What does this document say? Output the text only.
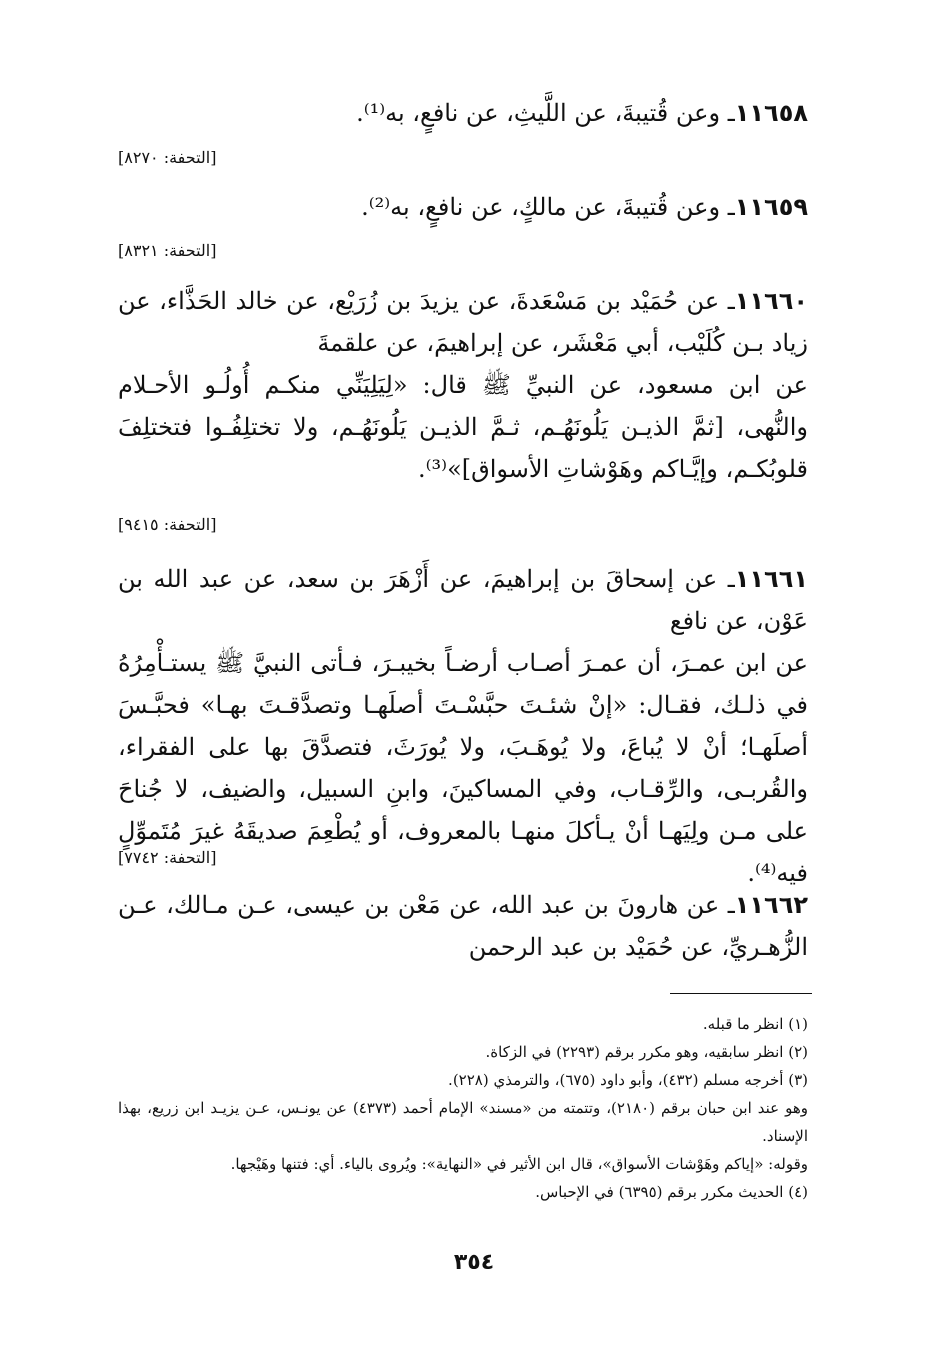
١١٦٥٨ـ وعن قُتيبةَ، عن اللَّيثِ، عن نافعٍ، به⁽¹⁾.

[التحفة: ٨٢٧٠]

١١٦٥٩ـ وعن قُتيبةَ، عن مالكٍ، عن نافعٍ، به⁽²⁾.

[التحفة: ٨٣٢١]

١١٦٦٠ـ عن حُمَيْد بن مَسْعَدةَ، عن يزيدَ بن زُرَيْع، عن خالد الحَذَّاء، عن زياد بـن كُلَيْب، أبي مَعْشَر، عن إبراهيمَ، عن علقمةَ

عن ابن مسعود، عن النبيِّ ﷺ قال: «لِيَلِيَنِّي منكـم أُولُـو الأحـلام والنُّهى، [ثمَّ الذيـن يَلُونَهُـم، ثـمَّ الذيـن يَلُونَهُـم، ولا تختلِفُـوا فتختلِفَ قلوبُكـم، وإيَّـاكم وهَوْشاتِ الأسواق]»⁽³⁾.

[التحفة: ٩٤١٥]

١١٦٦١ـ عن إسحاقَ بن إبراهيمَ، عن أَزْهَرَ بن سعد، عن عبد الله بن عَوْن، عن نافع

عن ابن عمـرَ، أن عمـرَ أصـاب أرضـاً بخيبـرَ، فـأتى النبيَّ ﷺ يستـأْمِرُهُ في ذلـك، فقـال: «إنْ شئـتَ حبَّسْـتَ أصلَهـا وتصدَّقـتَ بهـا» فحبَّـسَ أصلَهـا؛ أنْ لا يُباعَ، ولا يُوهَـبَ، ولا يُورَثَ، فتصدَّقَ بها على الفقراء، والقُربـى، والرِّقـاب، وفي المساكينَ، وابنِ السبيل، والضيف، لا جُناحَ على مـن ولِيَهـا أنْ يـأكلَ منهـا بالمعروف، أو يُطْعِمَ صديقَهُ غيرَ مُتَموِّلٍ فيه⁽⁴⁾.

[التحفة: ٧٧٤٢]

١١٦٦٢ـ عن هارونَ بن عبد الله، عن مَعْن بن عيسى، عـن مـالك، عـن الزُّهـريِّ، عن حُمَيْد بن عبد الرحمن

(١) انظر ما قبله.

(٢) انظر سابقيه، وهو مكرر برقم (٢٢٩٣) في الزكاة.

(٣) أخرجه مسلم (٤٣٢)، وأبو داود (٦٧٥)، والترمذي (٢٢٨).

وهو عند ابن حبان برقم (٢١٨٠)، وتتمته من «مسند» الإمام أحمد (٤٣٧٣) عن يونـس، عـن يزيـد ابن زريع، بهذا الإسناد.

وقوله: «إياكم وهَوْشات الأسواق»، قال ابن الأثير في «النهاية»: ويُروى بالياء. أي: فتنها وهَيْجها.

(٤) الحديث مكرر برقم (٦٣٩٥) في الإحباس.

٣٥٤
